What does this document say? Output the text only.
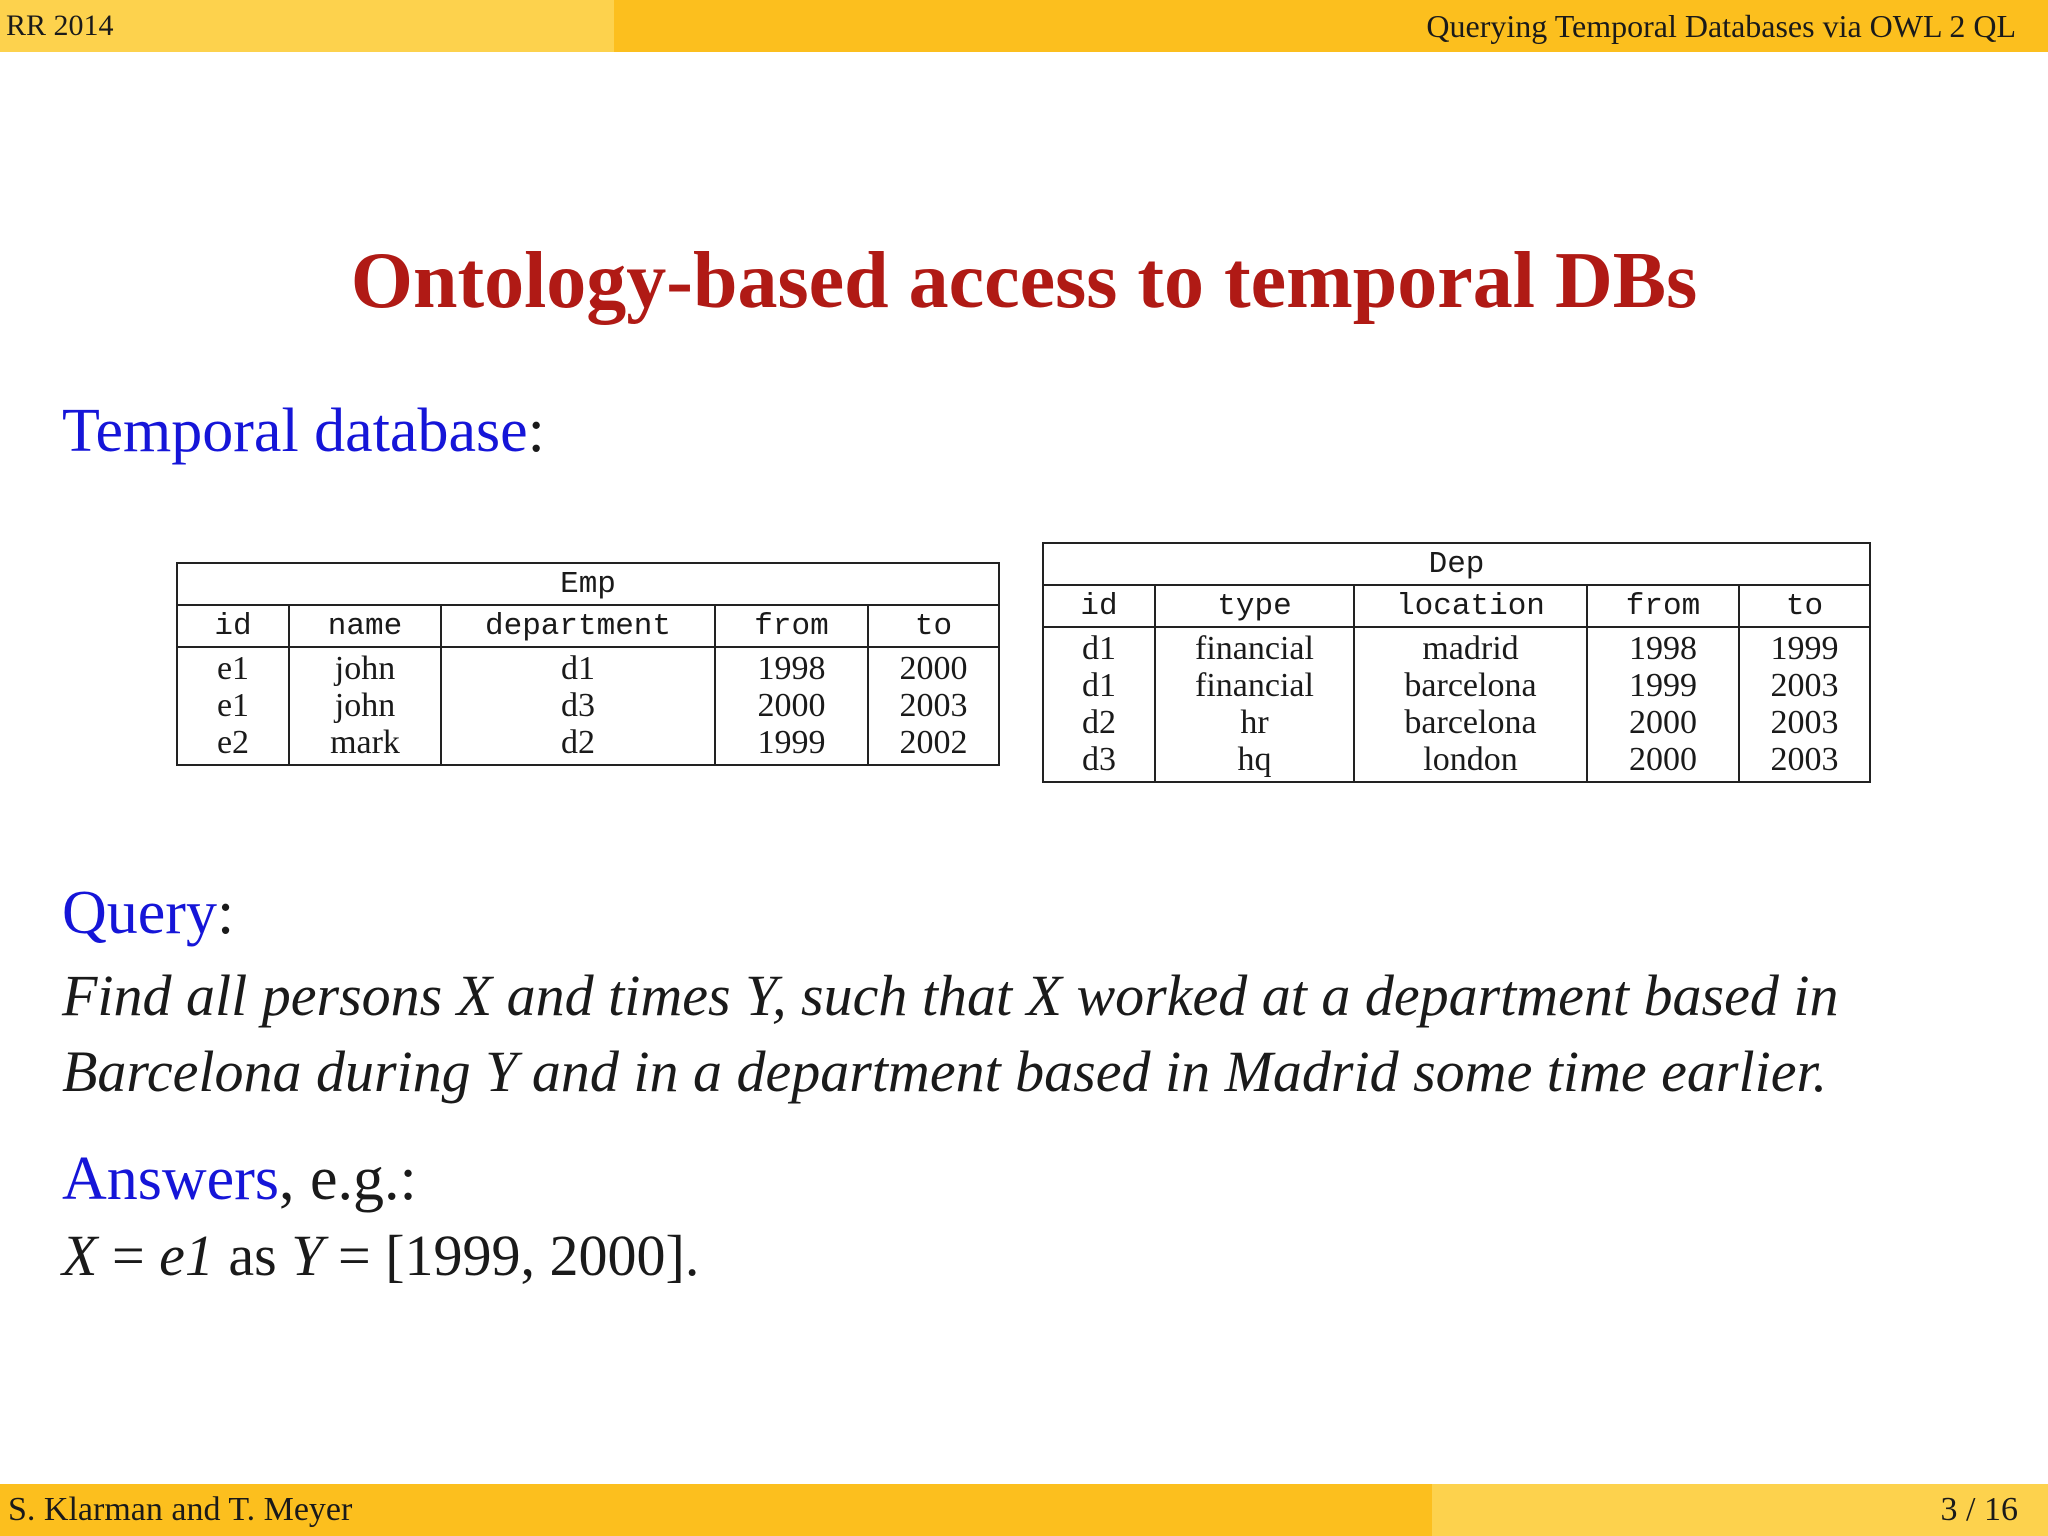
RR 2014	Querying Temporal Databases via OWL 2 QL
Ontology-based access to temporal DBs
Temporal database:
Emp				
id	name	department	from	to
e1	john	d1	1998	2000
e1	john	d3	2000	2003
e2	mark	d2	1999	2002
Dep				
id	type	location	from	to
d1	financial	madrid	1998	1999
d1	financial	barcelona	1999	2003
d2	hr	barcelona	2000	2003
d3	hq	london	2000	2003
Query:
Find all persons X and times Y, such that X worked at a department based in
Barcelona during Y and in a department based in Madrid some time earlier.
Answers, e.g.:
X = e1 as Y = [1999, 2000].
S. Klarman and T. Meyer	3 / 16
